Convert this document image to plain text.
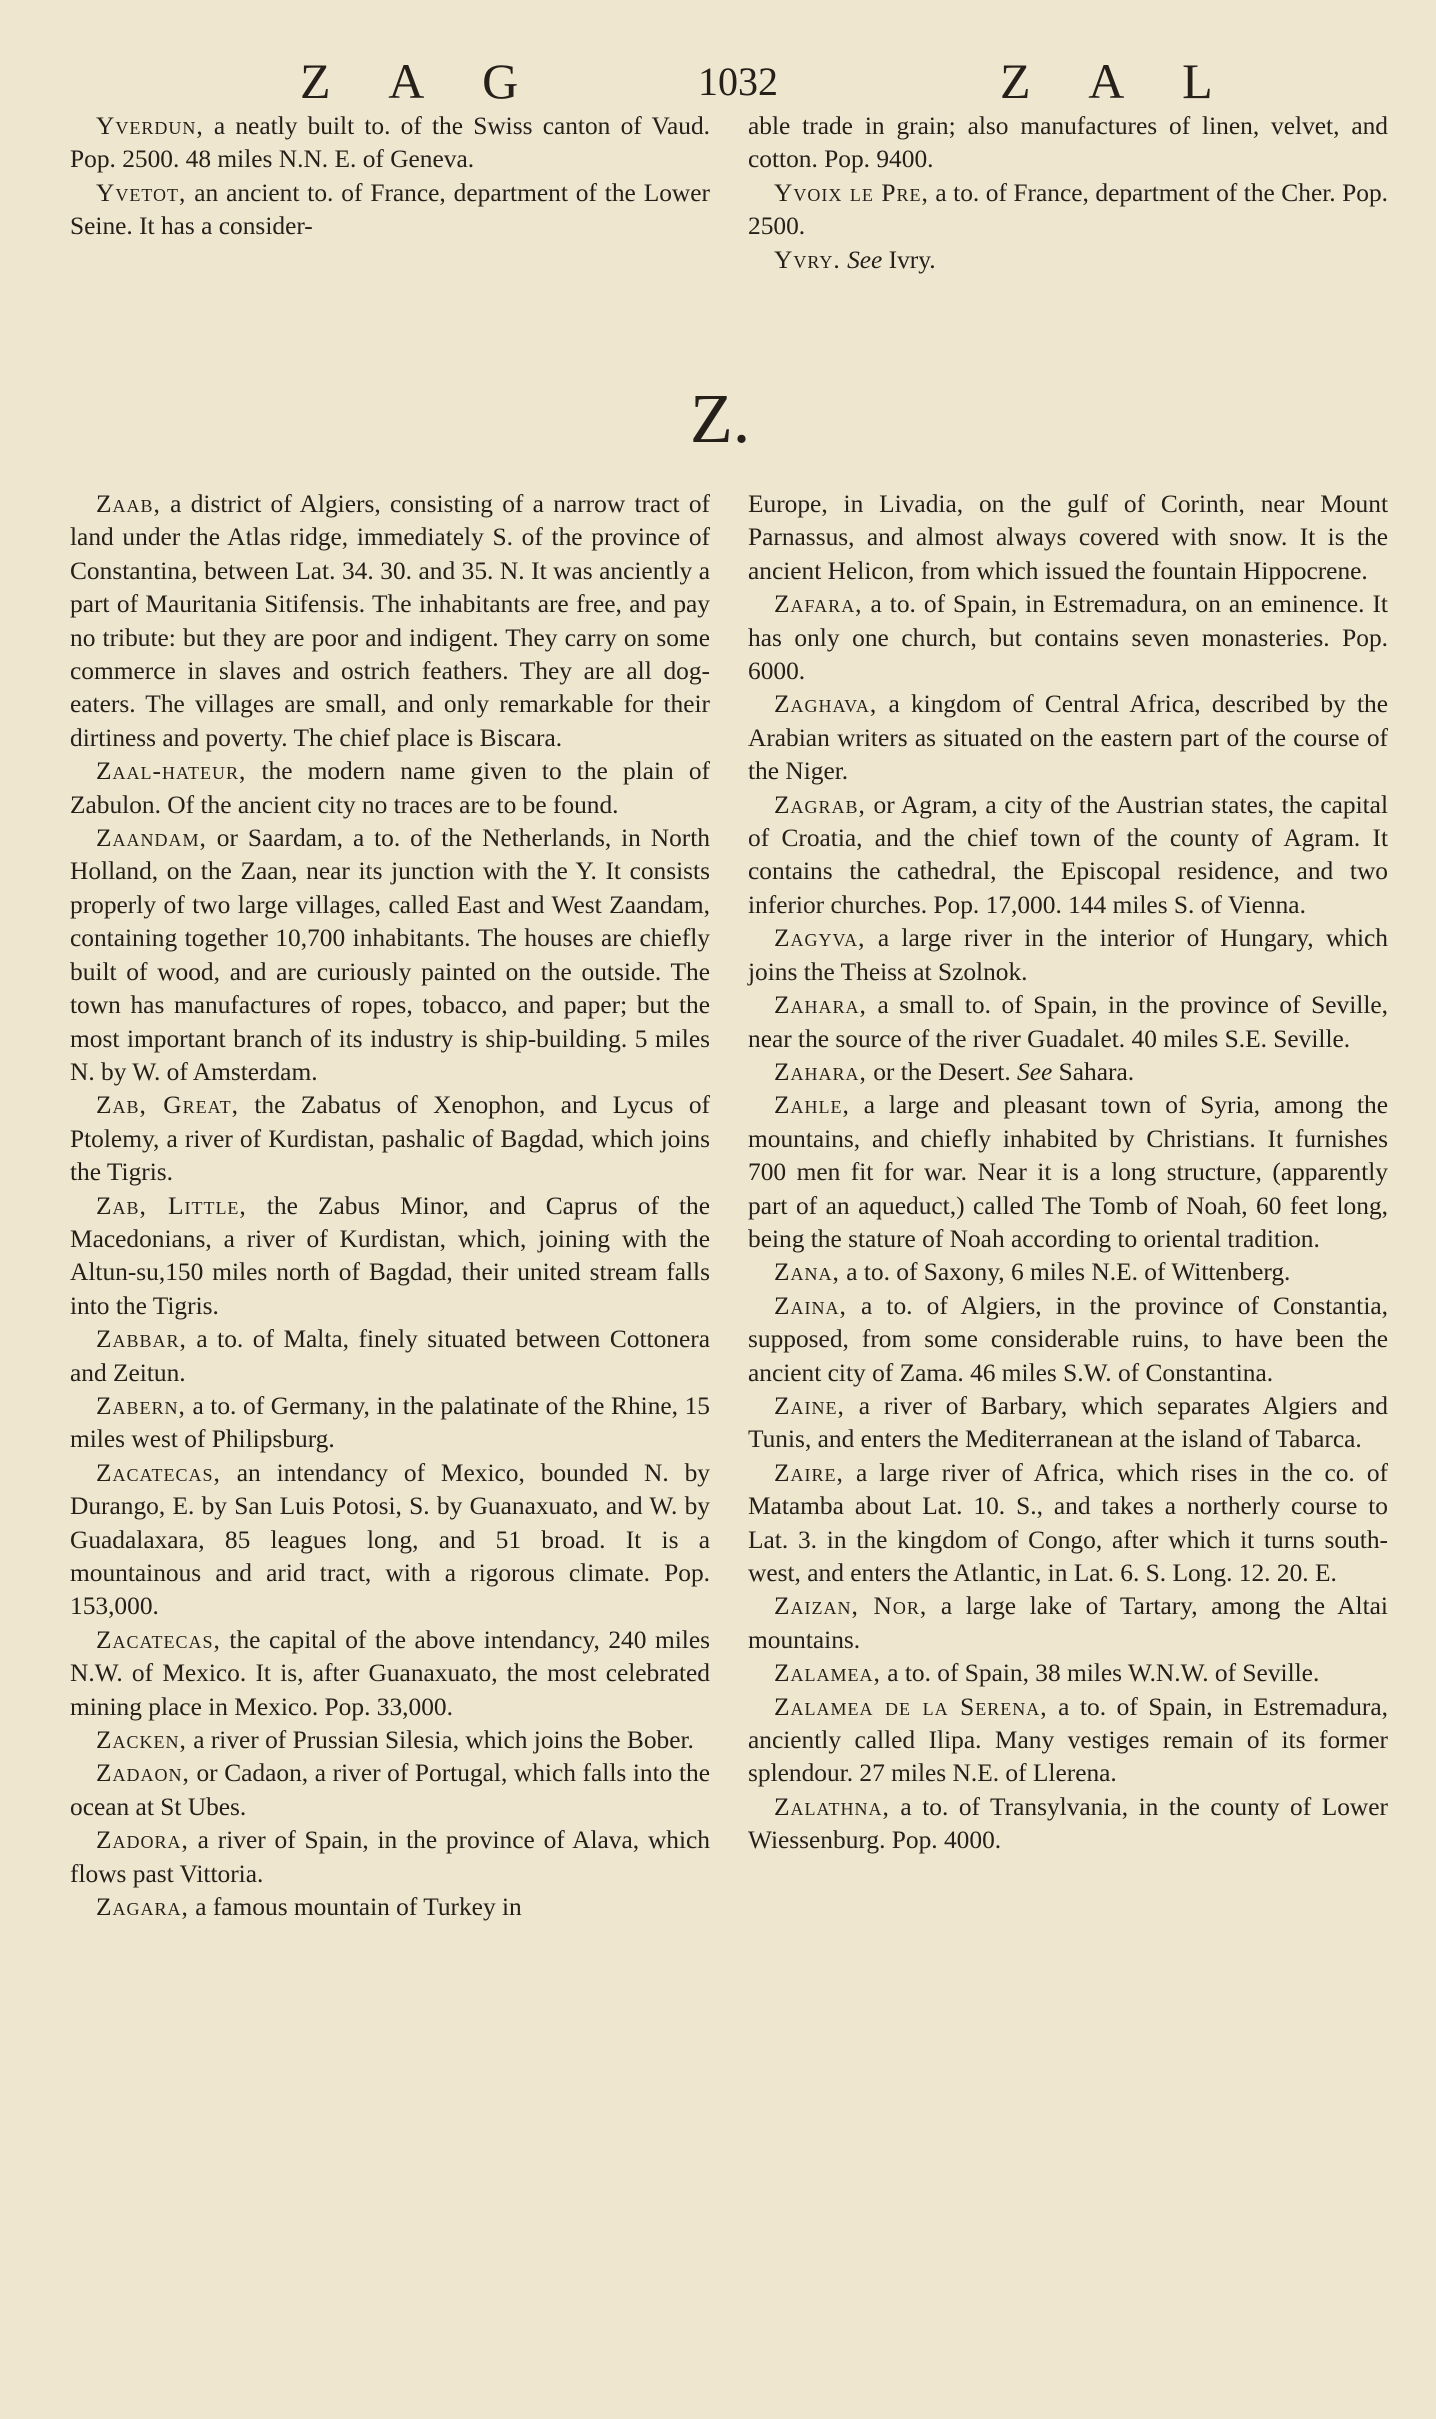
Z A G	1032	Z A L

Yverdun, a neatly built to. of the Swiss canton of Vaud. Pop. 2500. 48 miles N.N. E. of Geneva.

Yvetot, an ancient to. of France, department of the Lower Seine. It has a consider-

able trade in grain; also manufactures of linen, velvet, and cotton. Pop. 9400.

Yvoix le Pre, a to. of France, department of the Cher. Pop. 2500.

Yvry. See Ivry.

Z.

Zaab, a district of Algiers, consisting of a narrow tract of land under the Atlas ridge, immediately S. of the province of Constantina, between Lat. 34. 30. and 35. N. It was anciently a part of Mauritania Sitifensis. The inhabitants are free, and pay no tribute: but they are poor and indigent. They carry on some commerce in slaves and ostrich feathers. They are all dog-eaters. The villages are small, and only remarkable for their dirtiness and poverty. The chief place is Biscara.

Zaal-hateur, the modern name given to the plain of Zabulon. Of the ancient city no traces are to be found.

Zaandam, or Saardam, a to. of the Netherlands, in North Holland, on the Zaan, near its junction with the Y. It consists properly of two large villages, called East and West Zaandam, containing together 10,700 inhabitants. The houses are chiefly built of wood, and are curiously painted on the outside. The town has manufactures of ropes, tobacco, and paper; but the most important branch of its industry is ship-building. 5 miles N. by W. of Amsterdam.

Zab, Great, the Zabatus of Xenophon, and Lycus of Ptolemy, a river of Kurdistan, pashalic of Bagdad, which joins the Tigris.

Zab, Little, the Zabus Minor, and Caprus of the Macedonians, a river of Kurdistan, which, joining with the Altun-su,150 miles north of Bagdad, their united stream falls into the Tigris.

Zabbar, a to. of Malta, finely situated between Cottonera and Zeitun.

Zabern, a to. of Germany, in the palatinate of the Rhine, 15 miles west of Philipsburg.

Zacatecas, an intendancy of Mexico, bounded N. by Durango, E. by San Luis Potosi, S. by Guanaxuato, and W. by Guadalaxara, 85 leagues long, and 51 broad. It is a mountainous and arid tract, with a rigorous climate. Pop. 153,000.

Zacatecas, the capital of the above intendancy, 240 miles N.W. of Mexico. It is, after Guanaxuato, the most celebrated mining place in Mexico. Pop. 33,000.

Zacken, a river of Prussian Silesia, which joins the Bober.

Zadaon, or Cadaon, a river of Portugal, which falls into the ocean at St Ubes.

Zadora, a river of Spain, in the province of Alava, which flows past Vittoria.

Zagara, a famous mountain of Turkey in

Europe, in Livadia, on the gulf of Corinth, near Mount Parnassus, and almost always covered with snow. It is the ancient Helicon, from which issued the fountain Hippocrene.

Zafara, a to. of Spain, in Estremadura, on an eminence. It has only one church, but contains seven monasteries. Pop. 6000.

Zaghava, a kingdom of Central Africa, described by the Arabian writers as situated on the eastern part of the course of the Niger.

Zagrab, or Agram, a city of the Austrian states, the capital of Croatia, and the chief town of the county of Agram. It contains the cathedral, the Episcopal residence, and two inferior churches. Pop. 17,000. 144 miles S. of Vienna.

Zagyva, a large river in the interior of Hungary, which joins the Theiss at Szolnok.

Zahara, a small to. of Spain, in the province of Seville, near the source of the river Guadalet. 40 miles S.E. Seville.

Zahara, or the Desert. See Sahara.

Zahle, a large and pleasant town of Syria, among the mountains, and chiefly inhabited by Christians. It furnishes 700 men fit for war. Near it is a long structure, (apparently part of an aqueduct,) called The Tomb of Noah, 60 feet long, being the stature of Noah according to oriental tradition.

Zana, a to. of Saxony, 6 miles N.E. of Wittenberg.

Zaina, a to. of Algiers, in the province of Constantia, supposed, from some considerable ruins, to have been the ancient city of Zama. 46 miles S.W. of Constantina.

Zaine, a river of Barbary, which separates Algiers and Tunis, and enters the Mediterranean at the island of Tabarca.

Zaire, a large river of Africa, which rises in the co. of Matamba about Lat. 10. S., and takes a northerly course to Lat. 3. in the kingdom of Congo, after which it turns south-west, and enters the Atlantic, in Lat. 6. S. Long. 12. 20. E.

Zaizan, Nor, a large lake of Tartary, among the Altai mountains.

Zalamea, a to. of Spain, 38 miles W.N.W. of Seville.

Zalamea de la Serena, a to. of Spain, in Estremadura, anciently called Ilipa. Many vestiges remain of its former splendour. 27 miles N.E. of Llerena.

Zalathna, a to. of Transylvania, in the county of Lower Wiessenburg. Pop. 4000.
